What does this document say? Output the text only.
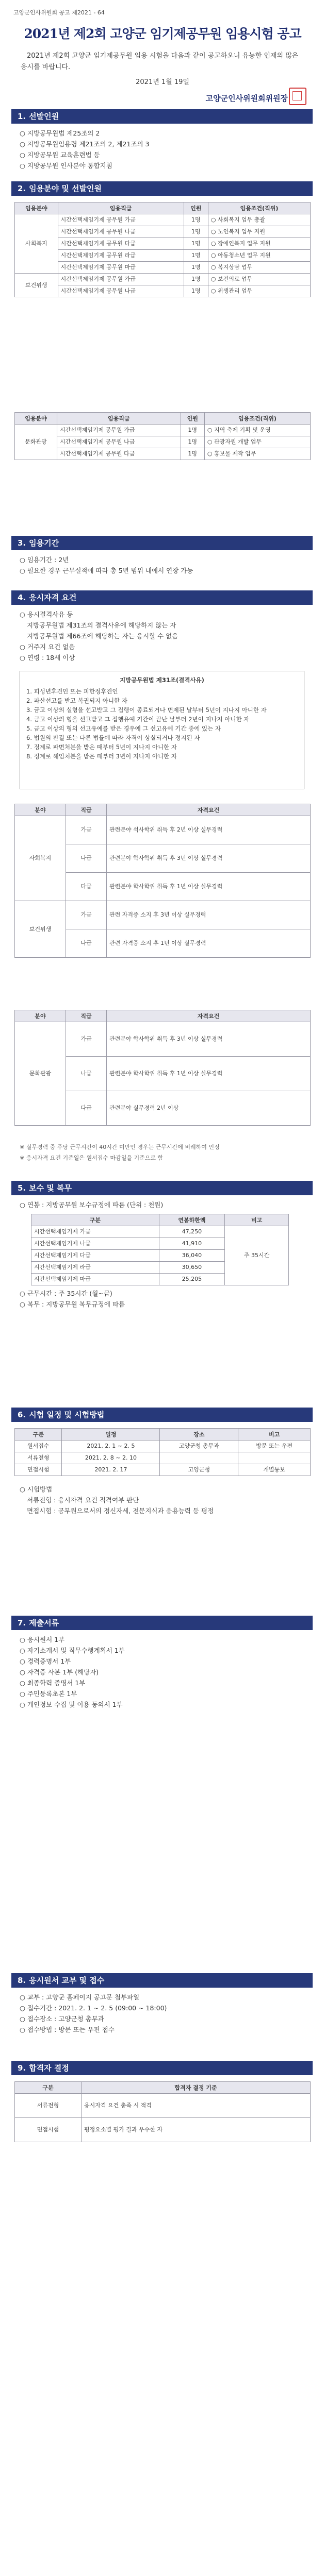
고양군인사위원회 공고 제2021 - 64
2021년 제2회 고양군 임기제공무원 임용시험 공고
2021년 제2회 고양군 임기제공무원 임용 시험을 다음과 같이 공고하오니 유능한 인재의 많은 응시를 바랍니다.
2021년 1월 19일
고양군인사위원회위원장
1. 선발인원
○ 지방공무원법 제25조의 2
○ 지방공무원임용령 제21조의 2, 제21조의 3
○ 지방공무원 교육훈련법 등
○ 지방공무원 인사분야 통합지침
2. 임용분야 및 선발인원
임용분야	임용직급	인원	임용조건(직위)
사회복지	시간선택제임기제 공무원 가급	1명	○ 사회복지 업무 총괄
	시간선택제임기제 공무원 나급	1명	○ 노인복지 업무 지원
	시간선택제임기제 공무원 다급	1명	○ 장애인복지 업무 지원
	시간선택제임기제 공무원 라급	1명	○ 아동청소년 업무 지원
	시간선택제임기제 공무원 마급	1명	○ 복지상담 업무
보건위생	시간선택제임기제 공무원 가급	1명	○ 보건의료 업무
	시간선택제임기제 공무원 나급	1명	○ 위생관리 업무
임용분야	임용직급	인원	임용조건(직위)
문화관광	시간선택제임기제 공무원 가급	1명	○ 지역 축제 기획 및 운영
	시간선택제임기제 공무원 나급	1명	○ 관광자원 개발 업무
	시간선택제임기제 공무원 다급	1명	○ 홍보물 제작 업무
3. 임용기간
○ 임용기간 : 2년
○ 필요한 경우 근무실적에 따라 총 5년 범위 내에서 연장 가능
4. 응시자격 요건
○ 응시결격사유 등
지방공무원법 제31조의 결격사유에 해당하지 않는 자
지방공무원법 제66조에 해당하는 자는 응시할 수 없음
○ 거주지 요건 없음
○ 연령 : 18세 이상
지방공무원법 제31조(결격사유)
1. 피성년후견인 또는 피한정후견인
2. 파산선고를 받고 복권되지 아니한 자
3. 금고 이상의 실형을 선고받고 그 집행이 종료되거나 면제된 날부터 5년이 지나지 아니한 자
4. 금고 이상의 형을 선고받고 그 집행유예 기간이 끝난 날부터 2년이 지나지 아니한 자
5. 금고 이상의 형의 선고유예를 받은 경우에 그 선고유예 기간 중에 있는 자
6. 법원의 판결 또는 다른 법률에 따라 자격이 상실되거나 정지된 자
7. 징계로 파면처분을 받은 때부터 5년이 지나지 아니한 자
8. 징계로 해임처분을 받은 때부터 3년이 지나지 아니한 자
분야	직급	자격요건
사회복지	가급	관련분야 석사학위 취득 후 2년 이상 실무경력
	나급	관련분야 학사학위 취득 후 3년 이상 실무경력
	다급	관련분야 학사학위 취득 후 1년 이상 실무경력
보건위생	가급	관련 자격증 소지 후 3년 이상 실무경력
	나급	관련 자격증 소지 후 1년 이상 실무경력
분야	직급	자격요건
문화관광	가급	관련분야 학사학위 취득 후 3년 이상 실무경력
	나급	관련분야 학사학위 취득 후 1년 이상 실무경력
	다급	관련분야 실무경력 2년 이상
※ 실무경력 중 주당 근무시간이 40시간 미만인 경우는 근무시간에 비례하여 인정
※ 응시자격 요건 기준일은 원서접수 마감일을 기준으로 함
5. 보수 및 복무
○ 연봉 : 지방공무원 보수규정에 따름 (단위 : 천원)
구분	연봉하한액	비고
시간선택제임기제 가급	47,250	주 35시간
시간선택제임기제 나급	41,910	
시간선택제임기제 다급	36,040	
시간선택제임기제 라급	30,650	
시간선택제임기제 마급	25,205	
○ 근무시간 : 주 35시간 (월~금)
○ 복무 : 지방공무원 복무규정에 따름
6. 시험 일정 및 시험방법
구분	일정	장소	비고
원서접수	2021. 2. 1 ~ 2. 5	고양군청 총무과	방문 또는 우편
서류전형	2021. 2. 8 ~ 2. 10		
면접시험	2021. 2. 17	고양군청	개별통보
○ 시험방법
서류전형 : 응시자격 요건 적격여부 판단
면접시험 : 공무원으로서의 정신자세, 전문지식과 응용능력 등 평정
7. 제출서류
○ 응시원서 1부
○ 자기소개서 및 직무수행계획서 1부
○ 경력증명서 1부
○ 자격증 사본 1부 (해당자)
○ 최종학력 증명서 1부
○ 주민등록초본 1부
○ 개인정보 수집 및 이용 동의서 1부
8. 응시원서 교부 및 접수
○ 교부 : 고양군 홈페이지 공고문 첨부파일
○ 접수기간 : 2021. 2. 1 ~ 2. 5 (09:00 ~ 18:00)
○ 접수장소 : 고양군청 총무과
○ 접수방법 : 방문 또는 우편 접수
9. 합격자 결정
구분	합격자 결정 기준
서류전형	응시자격 요건 충족 시 적격
면접시험	평정요소별 평가 결과 우수한 자
